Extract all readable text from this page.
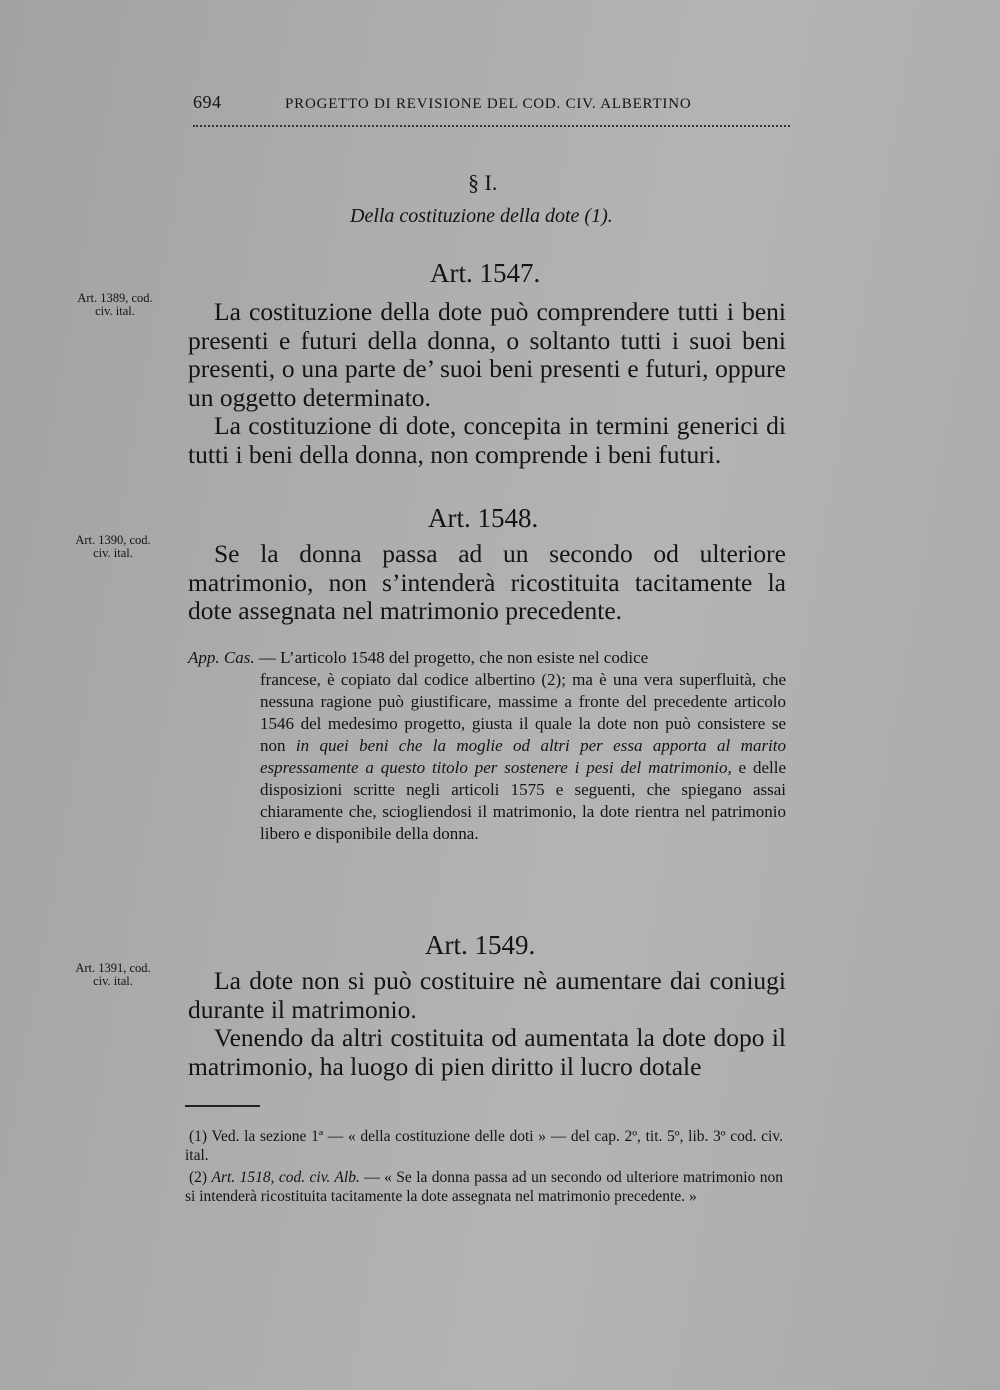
694	PROGETTO DI REVISIONE DEL COD. CIV. ALBERTINO
§ I.
Della costituzione della dote (1).
Art. 1547.
Art. 1389, cod.
civ. ital.	La costituzione della dote può comprendere tutti i beni presenti e futuri della donna, o soltanto tutti i suoi beni presenti, o una parte de’ suoi beni presenti e futuri, oppure un oggetto determinato.

La costituzione di dote, concepita in termini generici di tutti i beni della donna, non comprende i beni futuri.

Art. 1548.
Art. 1390, cod.
civ. ital.	Se la donna passa ad un secondo od ulteriore matrimonio, non s’intenderà ricostituita tacitamente la dote assegnata nel matrimonio precedente.

App. Cas. — L’articolo 1548 del progetto, che non esiste nel codice
francese, è copiato dal codice albertino (2); ma è una vera superfluità, che nessuna ragione può giustificare, massime a fronte del precedente articolo 1546 del medesimo progetto, giusta il quale la dote non può consistere se non in quei beni che la moglie od altri per essa apporta al marito espressamente a questo titolo per sostenere i pesi del matrimonio, e delle disposizioni scritte negli articoli 1575 e seguenti, che spiegano assai chiaramente che, sciogliendosi il matrimonio, la dote rientra nel patrimonio libero e disponibile della donna.
Art. 1549.
Art. 1391, cod.
civ. ital.	La dote non si può costituire nè aumentare dai coniugi durante il matrimonio.

Venendo da altri costituita od aumentata la dote dopo il matrimonio, ha luogo di pien diritto il lucro dotale

(1) Ved. la sezione 1ª — « della costituzione delle doti » — del cap. 2º, tit. 5º, lib. 3º cod. civ. ital.

(2) Art. 1518, cod. civ. Alb. — « Se la donna passa ad un secondo od ulteriore matrimonio non si intenderà ricostituita tacitamente la dote assegnata nel matrimonio precedente. »
